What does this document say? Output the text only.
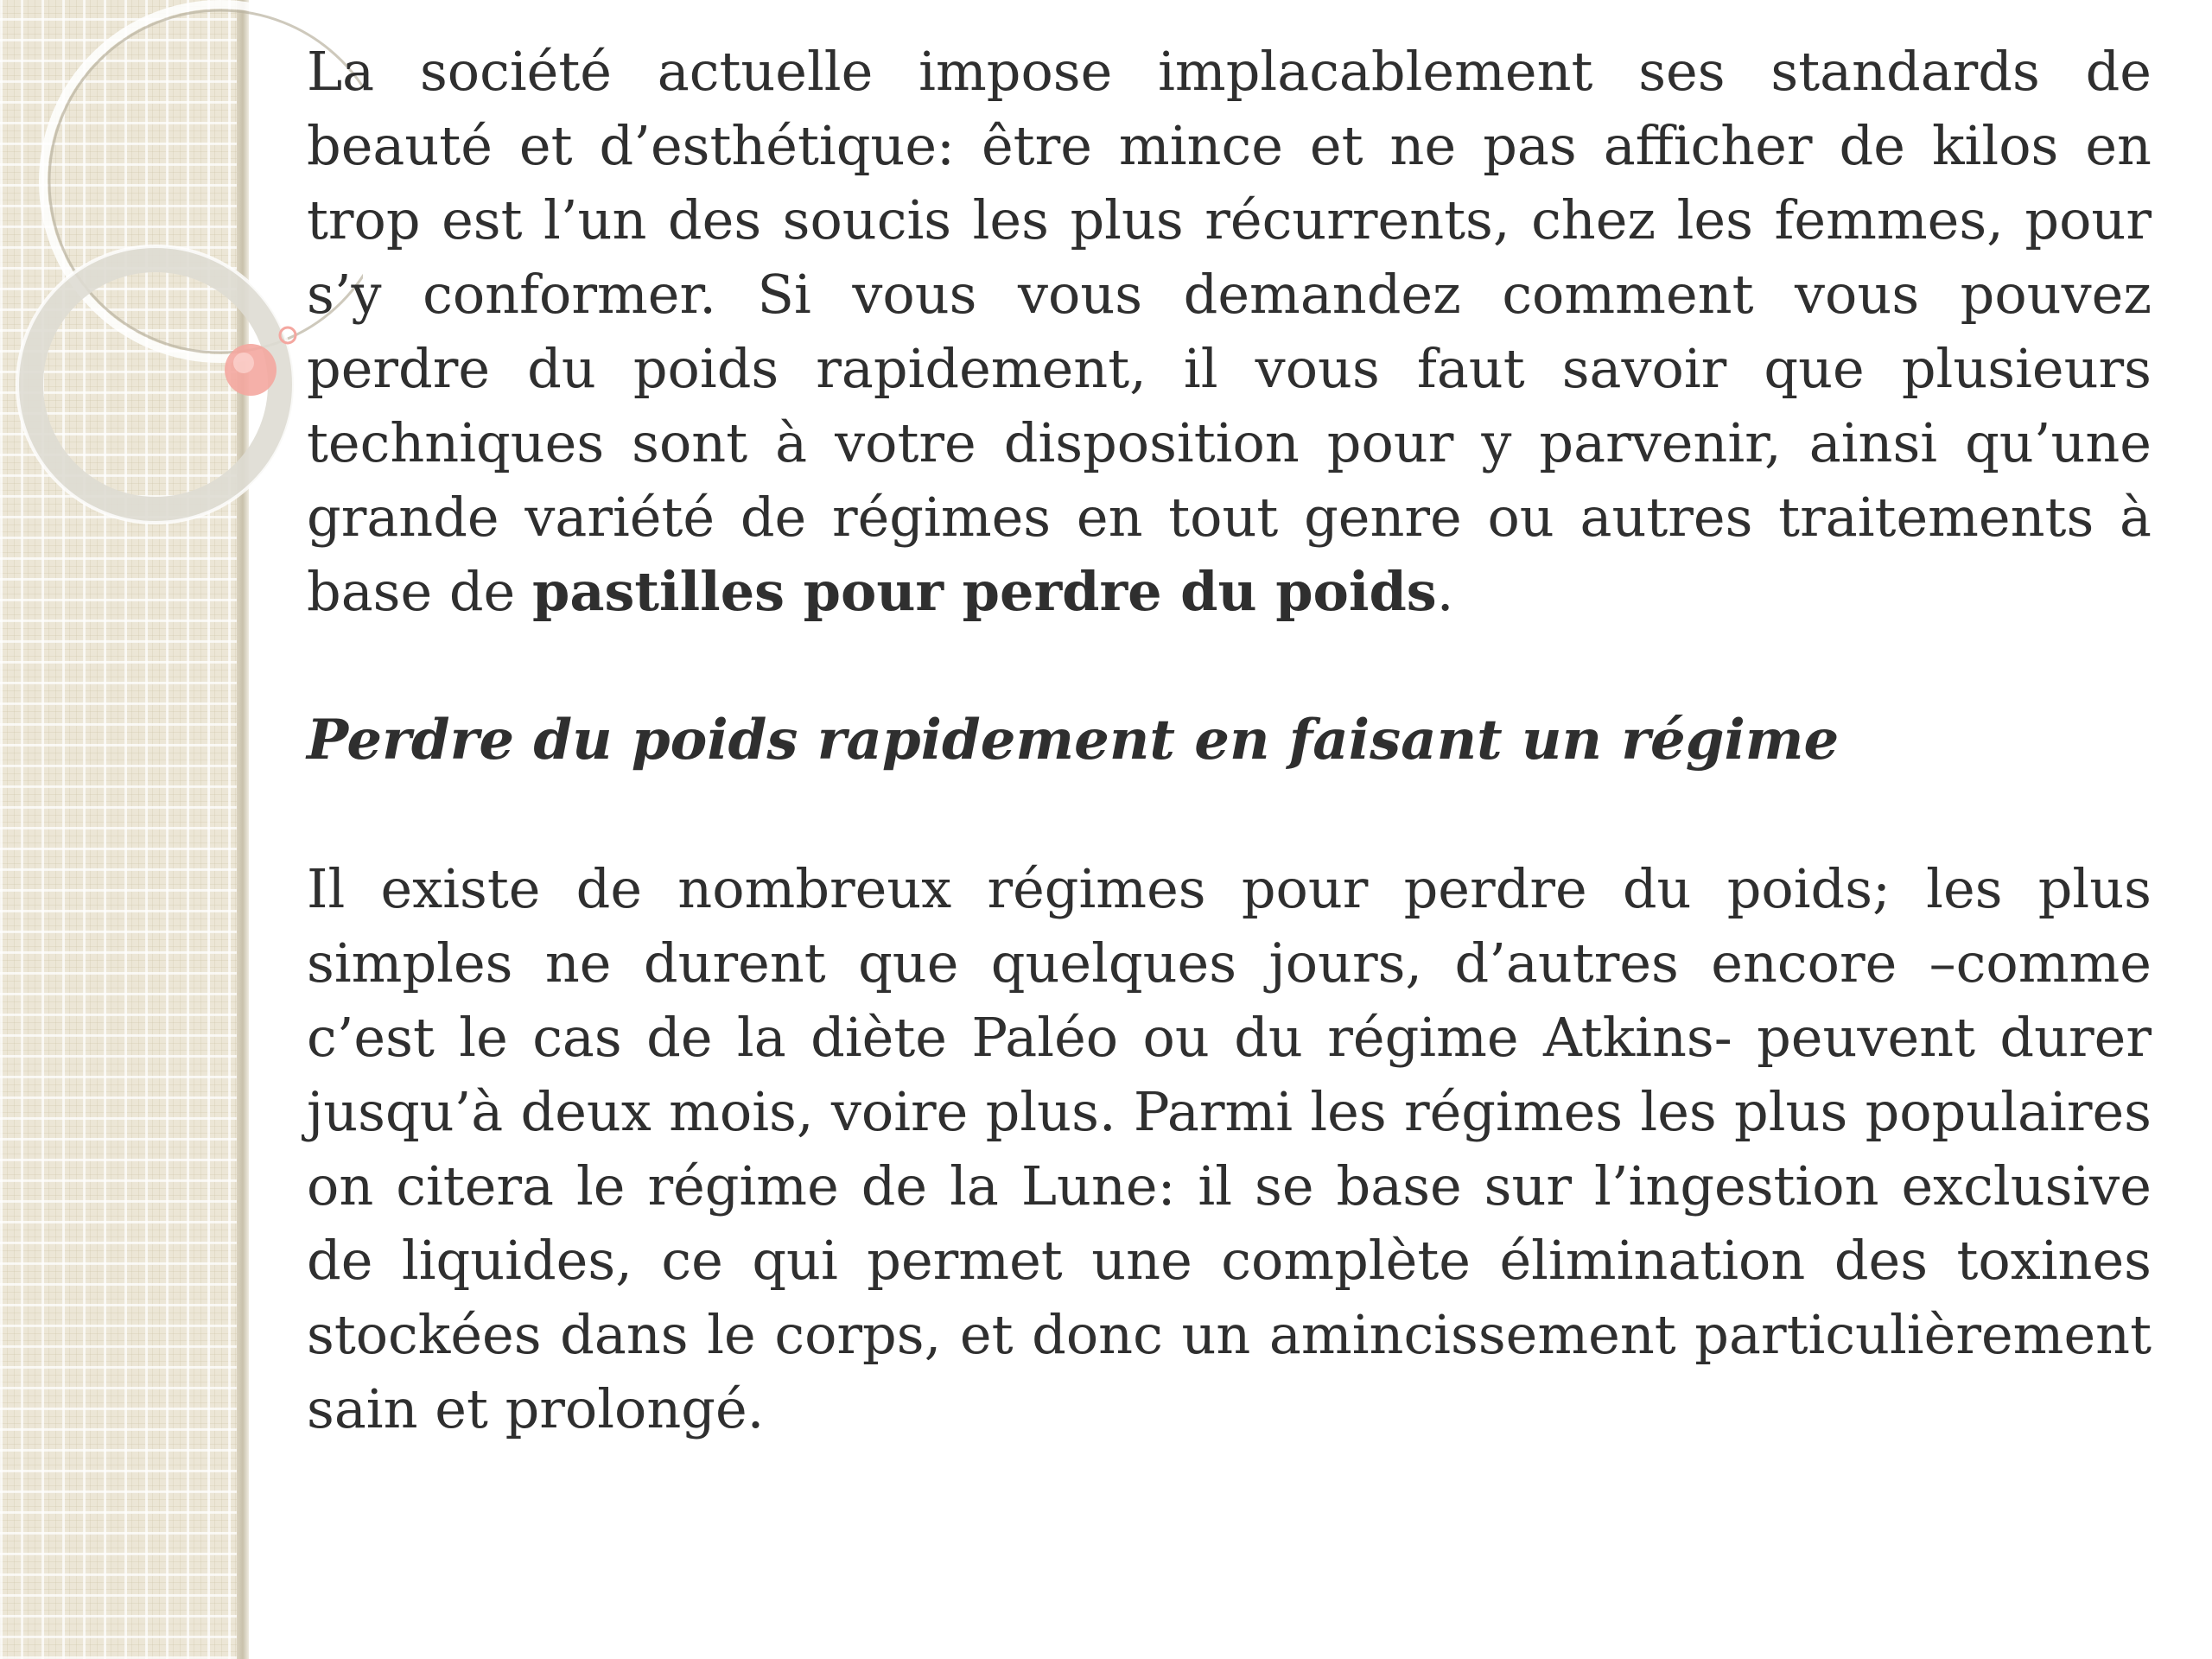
La société actuelle impose implacablement ses standards de beauté et d’esthétique: être mince et ne pas afficher de kilos en trop est l’un des soucis les plus récurrents, chez les femmes, pour s’y conformer. Si vous vous demandez comment vous pouvez perdre du poids rapidement, il vous faut savoir que plusieurs techniques sont à votre disposition pour y parvenir, ainsi qu’une grande variété de régimes en tout genre ou autres traitements à base de pastilles pour perdre du poids.

Perdre du poids rapidement en faisant un régime

Il existe de nombreux régimes pour perdre du poids; les plus simples ne durent que quelques jours, d’autres encore –comme c’est le cas de la diète Paléo ou du régime Atkins- peuvent durer jusqu’à deux mois, voire plus. Parmi les régimes les plus populaires on citera le régime de la Lune: il se base sur l’ingestion exclusive de liquides, ce qui permet une complète élimination des toxines stockées dans le corps, et donc un amincissement particulièrement sain et prolongé.
